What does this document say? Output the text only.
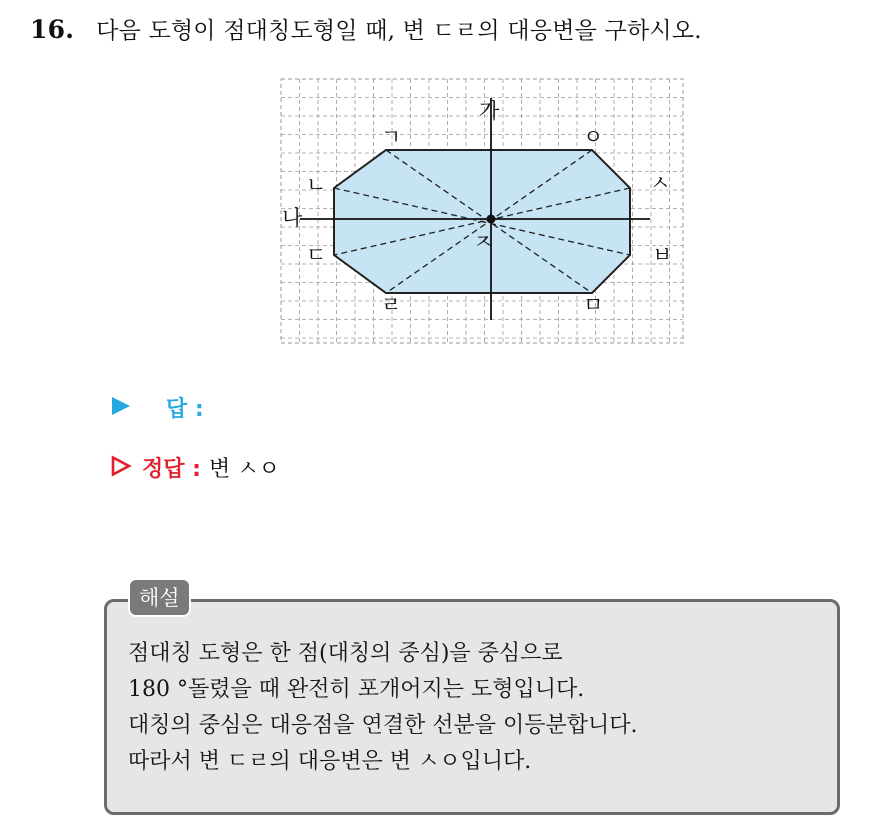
16. 다음 도형이 점대칭도형일 때, 변 ㄷㄹ의 대응변을 구하시오.
가
나
ㄱ	ㅇ
ㄴ	ㅅ
ㄷ	ㅂ
ㄹ	ㅁ
ㅈ
답 :
정답 : 변 ㅅㅇ
해설
점대칭 도형은 한 점(대칭의 중심)을 중심으로
180 °돌렸을 때 완전히 포개어지는 도형입니다.
대칭의 중심은 대응점을 연결한 선분을 이등분합니다.
따라서 변 ㄷㄹ의 대응변은 변 ㅅㅇ입니다.
